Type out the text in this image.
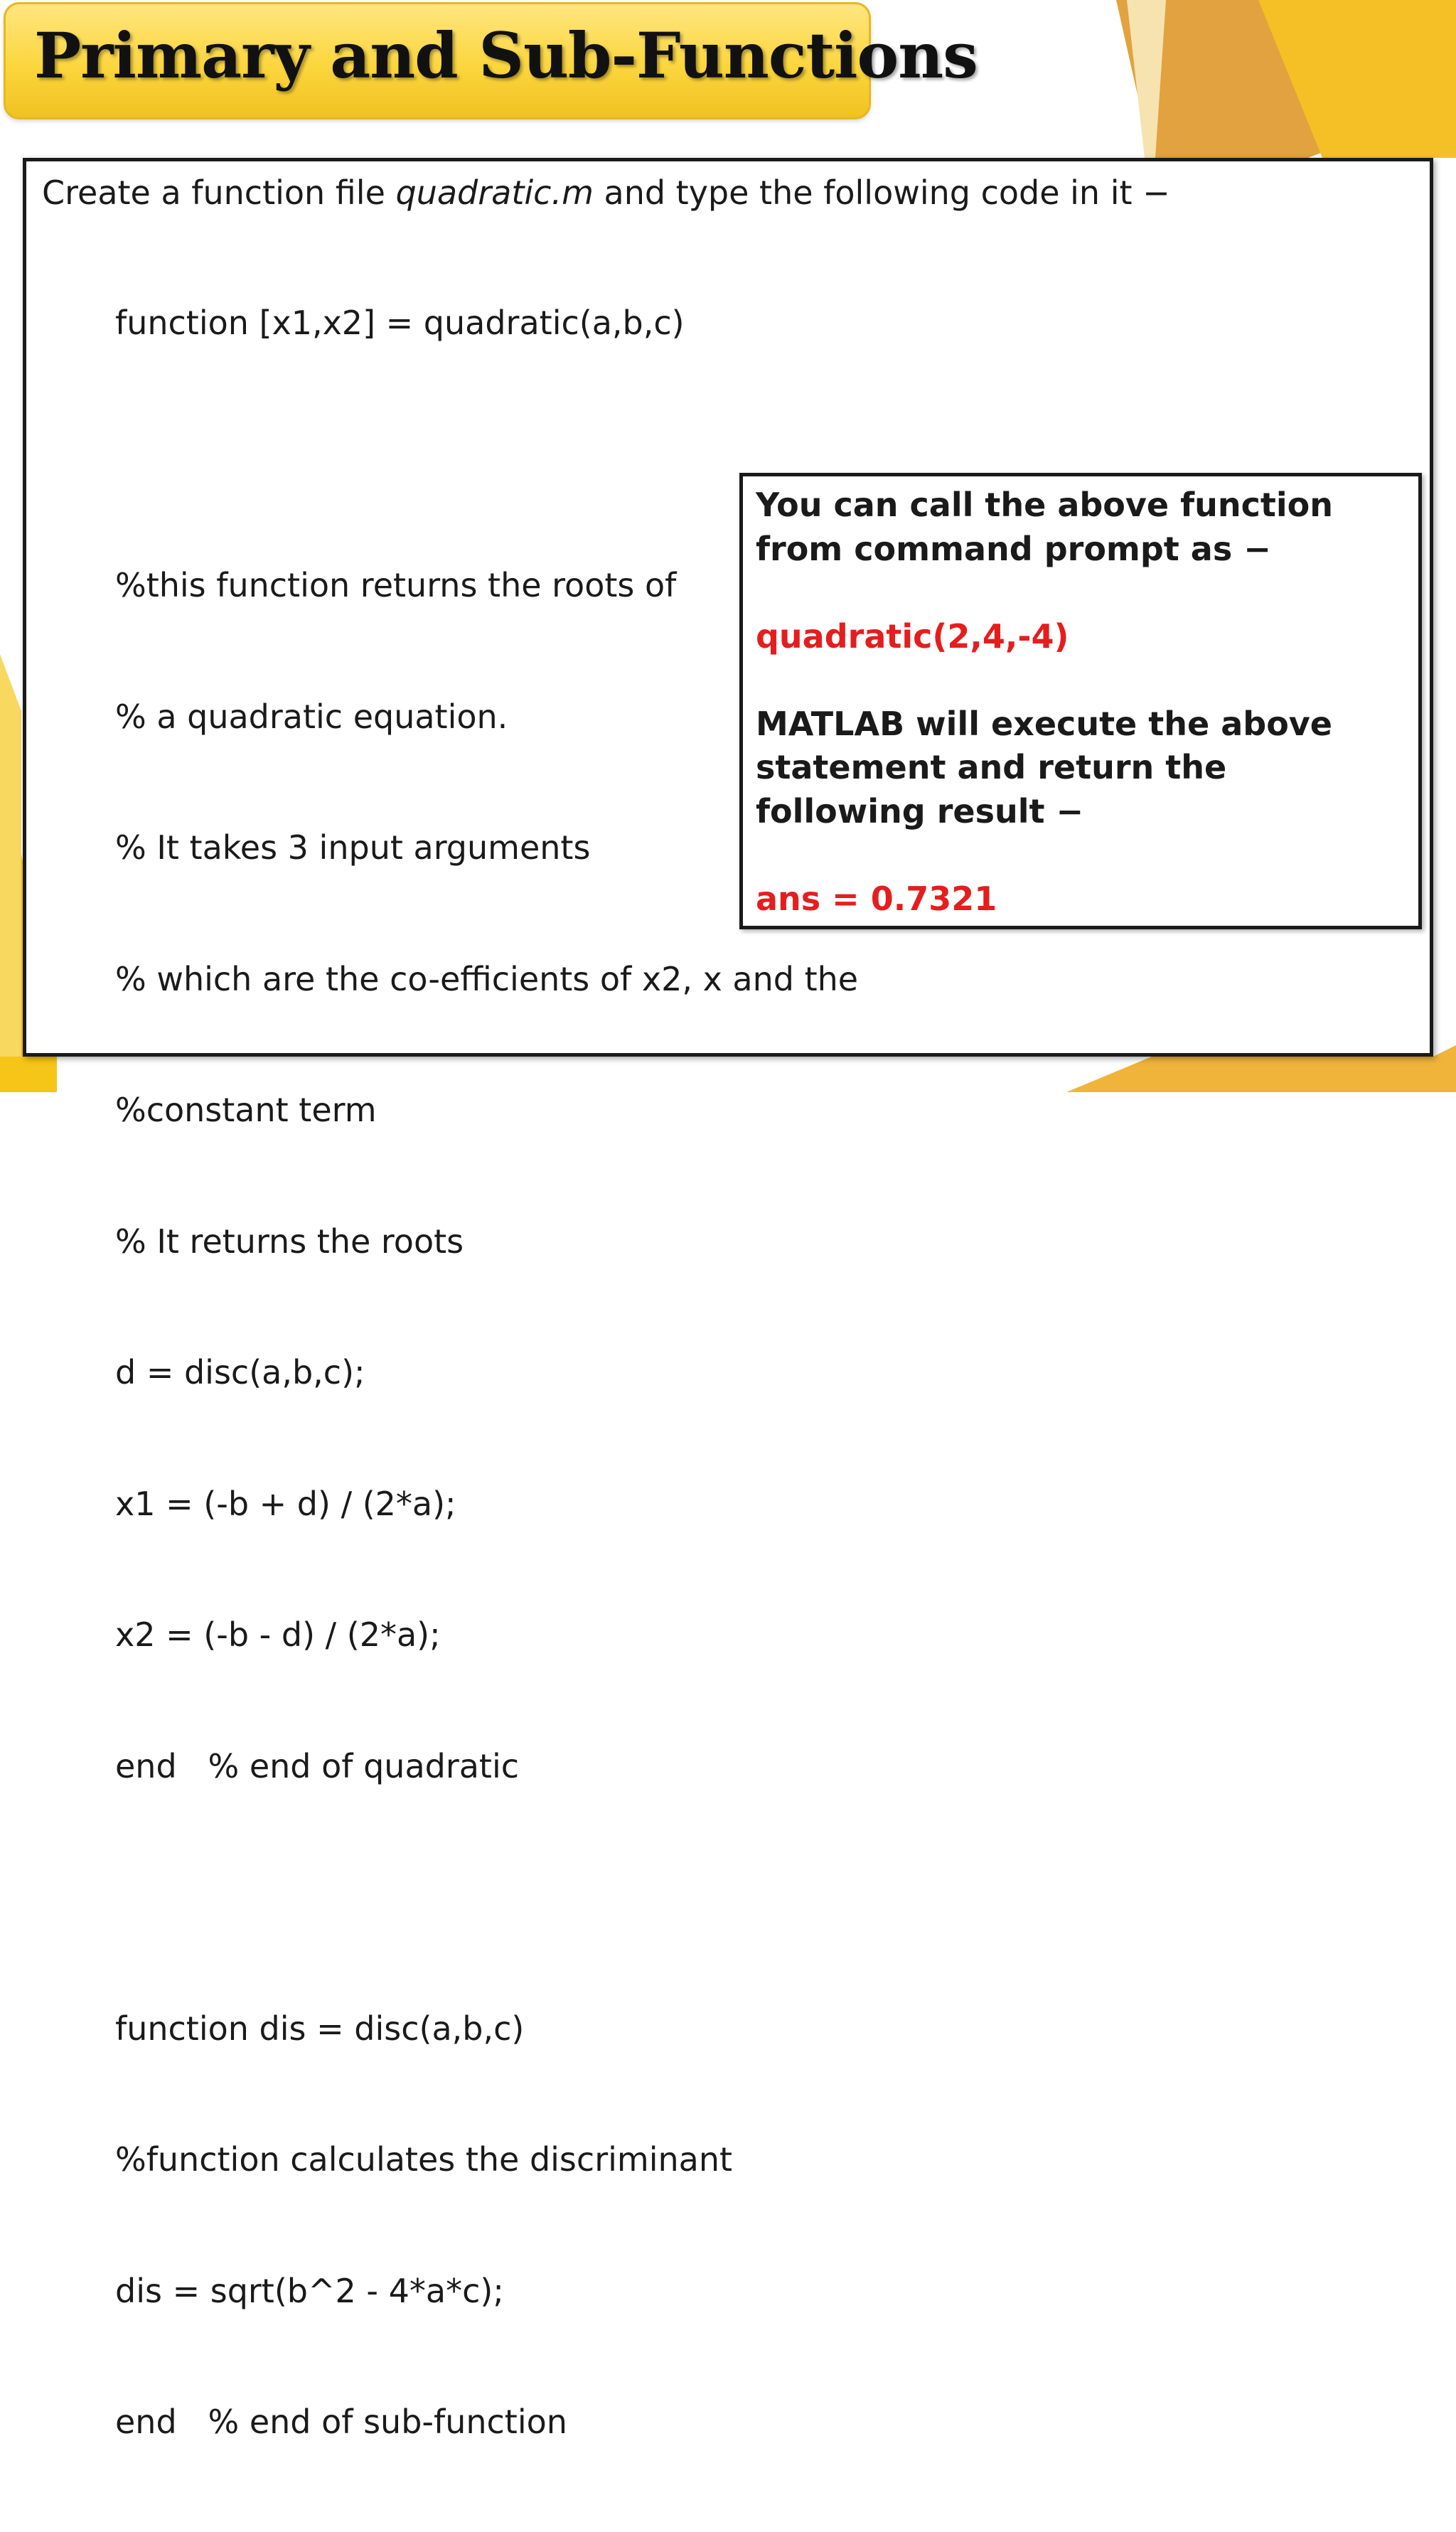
Primary and Sub-Functions
Create a function file quadratic.m and type the following code in it −

function [x1,x2] = quadratic(a,b,c)

%this function returns the roots of

% a quadratic equation.

% It takes 3 input arguments

% which are the co-efficients of x2, x and the

%constant term

% It returns the roots

d = disc(a,b,c);

x1 = (-b + d) / (2*a);

x2 = (-b - d) / (2*a);

end   % end of quadratic

function dis = disc(a,b,c)

%function calculates the discriminant

dis = sqrt(b^2 - 4*a*c);

end   % end of sub-function

You can call the above function from command prompt as −
quadratic(2,4,-4)
MATLAB will execute the above statement and return the following result −
ans = 0.7321
